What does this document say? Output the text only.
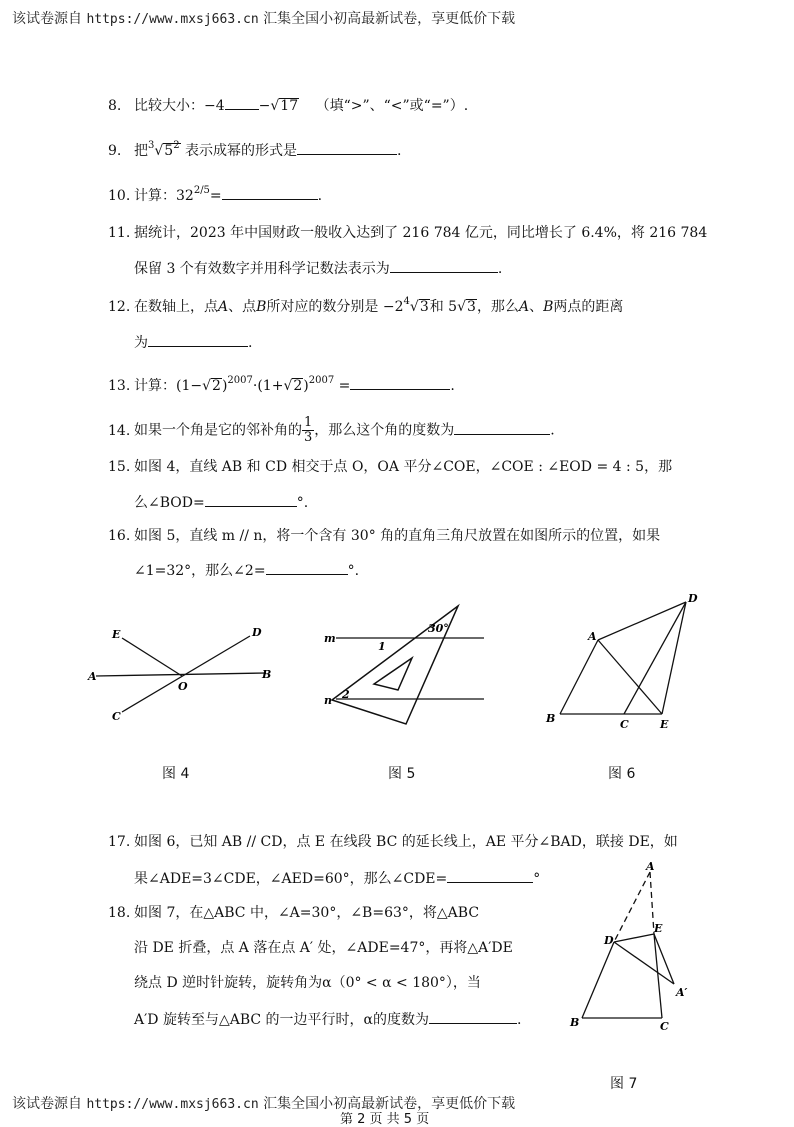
该试卷源自 https://www.mxsj663.cn 汇集全国小初高最新试卷，享更低价下载
8. 比较大小：−4 −√17 （填“>”、“<”或“=”）.
9. 把$^3√5^2$ 表示成幂的形式是	.
10. 计算：$32^{2/5}=$	.
11. 据统计，2023 年中国财政一般收入达到了 216 784 亿元，同比增长了 6.4%，将 216 784
保留 3 个有效数字并用科学记数法表示为	.
12. 在数轴上，点A、点B所对应的数分别是 $-2^4√3$和 5√3，那么A、B两点的距离
为	.
13. 计算：$(1-√2)^{2007}\cdot(1+√2)^{2007}$ =	.
14. 如果一个角是它的邻补角的 $\frac{1}{3}$ ，那么这个角的度数为	.
15. 如图 4，直线 AB 和 CD 相交于点 O，OA 平分∠COE，∠COE : ∠EOD = 4 : 5，那
么∠BOD=	°.
16. 如图 5，直线 m // n，将一个含有 30° 角的直角三角尺放置在如图所示的位置，如果
∠1=32°，那么∠2=	°.
E	D
A
O
B
C
图 4
m
n
1
2
30°
图 5
A
D
B	C	E
图 6
17. 如图 6，已知 AB // CD，点 E 在线段 BC 的延长线上，AE 平分∠BAD，联接 DE，如
果∠ADE=3∠CDE，∠AED=60°，那么∠CDE=	°
18. 如图 7，在△ABC 中，∠A=30°，∠B=63°，将△ABC
沿 DE 折叠，点 A 落在点 A′ 处，∠ADE=47°，再将△A′DE
绕点 D 逆时针旋转，旋转角为α（0° < α < 180°），当
A′D 旋转至与△ABC 的一边平行时，α的度数为	.
A
D
E
A′
B	C
图 7
该试卷源自 https://www.mxsj663.cn 汇集全国小初高最新试卷，享更低价下载
第 2 页 共 5 页
